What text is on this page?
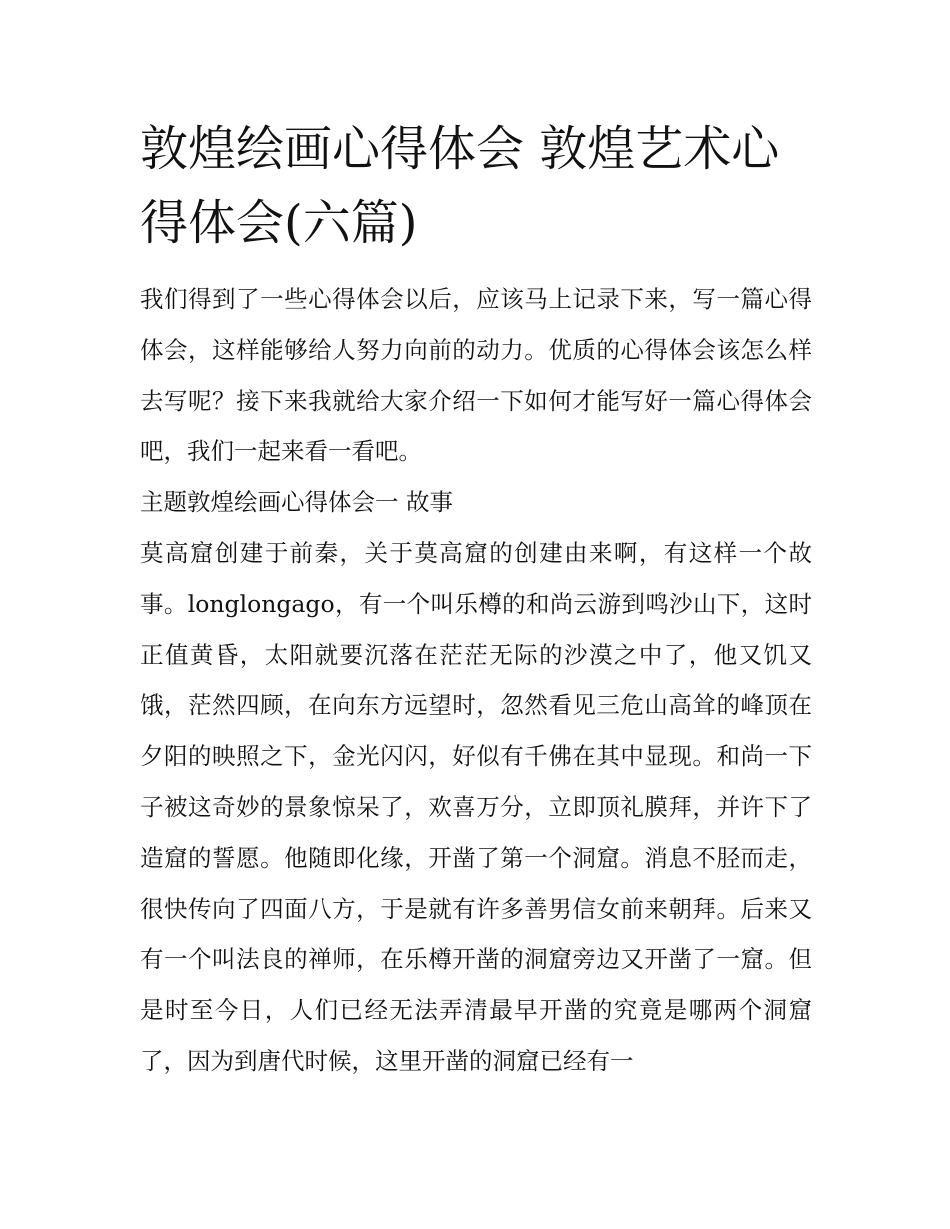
敦煌绘画心得体会 敦煌艺术心得体会(六篇)

我们得到了一些心得体会以后，应该马上记录下来，写一篇心得体会，这样能够给人努力向前的动力。优质的心得体会该怎么样去写呢？接下来我就给大家介绍一下如何才能写好一篇心得体会吧，我们一起来看一看吧。

主题敦煌绘画心得体会一 故事

莫高窟创建于前秦，关于莫高窟的创建由来啊，有这样一个故事。longlongago，有一个叫乐樽的和尚云游到鸣沙山下，这时正值黄昏，太阳就要沉落在茫茫无际的沙漠之中了，他又饥又饿，茫然四顾，在向东方远望时，忽然看见三危山高耸的峰顶在夕阳的映照之下，金光闪闪，好似有千佛在其中显现。和尚一下子被这奇妙的景象惊呆了，欢喜万分，立即顶礼膜拜，并许下了造窟的誓愿。他随即化缘，开凿了第一个洞窟。消息不胫而走，很快传向了四面八方，于是就有许多善男信女前来朝拜。后来又有一个叫法良的禅师，在乐樽开凿的洞窟旁边又开凿了一窟。但是时至今日，人们已经无法弄清最早开凿的究竟是哪两个洞窟了，因为到唐代时候，这里开凿的洞窟已经有一
